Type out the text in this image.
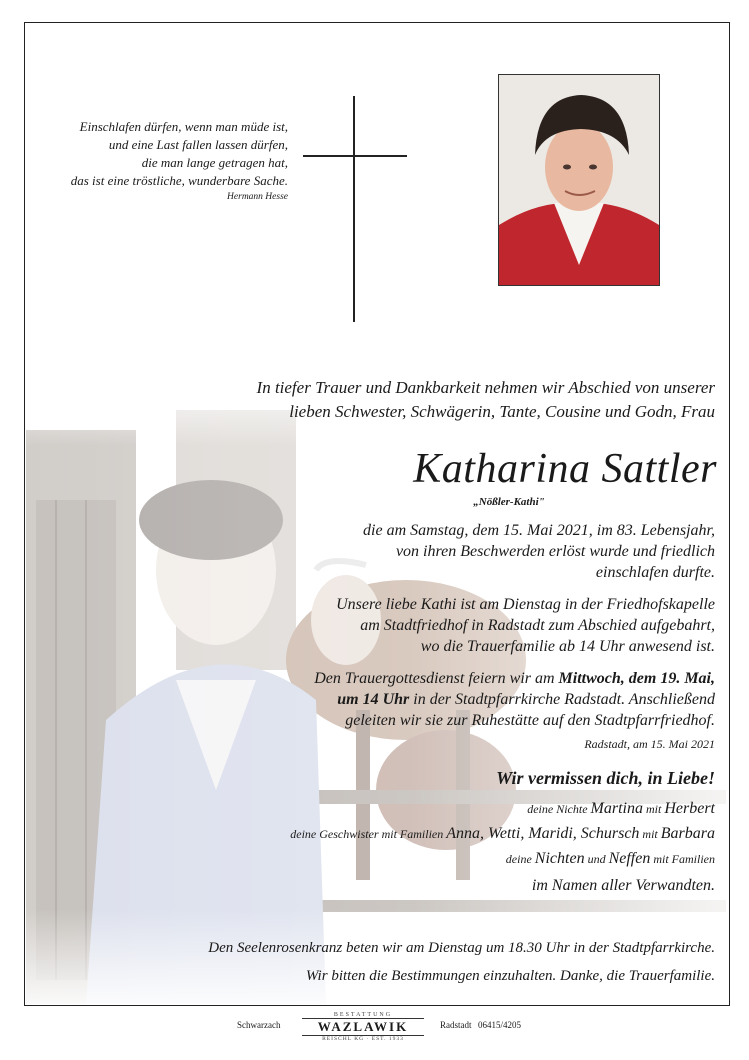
Einschlafen dürfen, wenn man müde ist,
und eine Last fallen lassen dürfen,
die man lange getragen hat,
das ist eine tröstliche, wunderbare Sache.
Hermann Hesse
In tiefer Trauer und Dankbarkeit nehmen wir Abschied von unserer
lieben Schwester, Schwägerin, Tante, Cousine und Godn, Frau
Katharina Sattler
„Nößler-Kathi"
die am Samstag, dem 15. Mai 2021, im 83. Lebensjahr,
von ihren Beschwerden erlöst wurde und friedlich
einschlafen durfte.
Unsere liebe Kathi ist am Dienstag in der Friedhofskapelle
am Stadtfriedhof in Radstadt zum Abschied aufgebahrt,
wo die Trauerfamilie ab 14 Uhr anwesend ist.
Den Trauergottesdienst feiern wir am Mittwoch, dem 19. Mai,
um 14 Uhr in der Stadtpfarrkirche Radstadt. Anschließend
geleiten wir sie zur Ruhestätte auf den Stadtpfarrfriedhof.
Radstadt, am 15. Mai 2021
Wir vermissen dich, in Liebe!
deine Nichte Martina mit Herbert
deine Geschwister mit Familien Anna, Wetti, Maridi, Schursch mit Barbara
deine Nichten und Neffen mit Familien
im Namen aller Verwandten.
Den Seelenrosenkranz beten wir am Dienstag um 18.30 Uhr in der Stadtpfarrkirche.
Wir bitten die Bestimmungen einzuhalten. Danke, die Trauerfamilie.
Schwarzach
BESTATTUNG
WAZLAWIK
REISCHL KG · EST. 1933
Radstadt 06415/4205
